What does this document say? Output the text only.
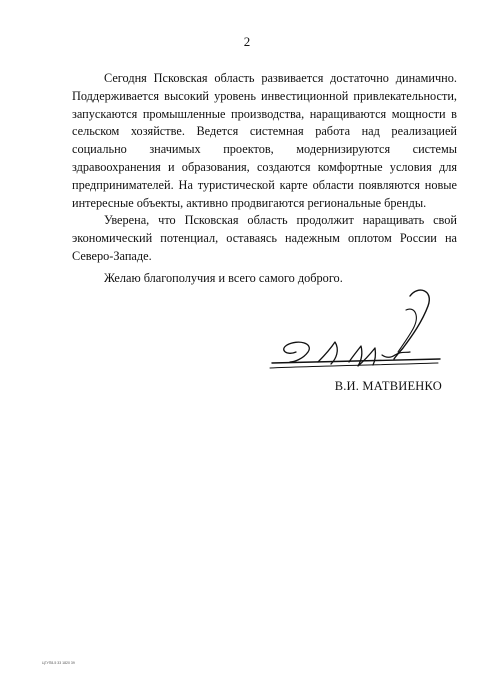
2

Сегодня Псковская область развивается достаточно динамично. Поддерживается высокий уровень инвестиционной привлекательности, запускаются промышленные производства, наращиваются мощности в сельском хозяйстве. Ведется системная работа над реализацией социально значимых проектов, модернизируются системы здравоохранения и образования, создаются комфортные условия для предпринимателей. На туристической карте области появляются новые интересные объекты, активно продвигаются региональные бренды.

Уверена, что Псковская область продолжит наращивать свой экономический потенциал, оставаясь надежным оплотом России на Северо-Западе.

Желаю благополучия и всего самого доброго.

В.И. Матвиенко	В.И. МАТВИЕНКО
ЦГУП8-5 33 1820 39
